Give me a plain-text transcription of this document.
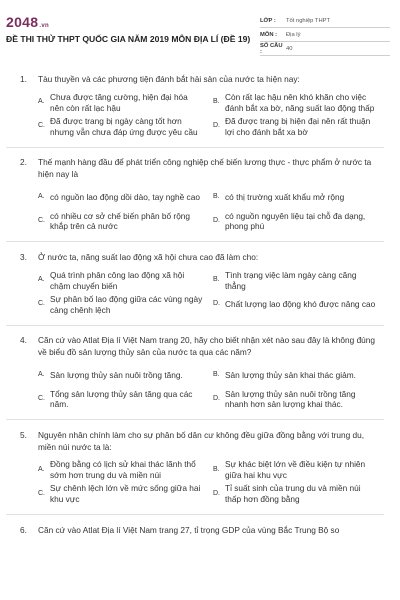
2048.vn
ĐỀ THI THỬ THPT QUỐC GIA NĂM 2019 MÔN ĐỊA LÍ (ĐỀ 19)
LỚP :	Tốt nghiệp THPT
MÔN :	Địa lý
SỐ CÂU :	40
1.	Tàu thuyền và các phương tiện đánh bắt hải sản của nước ta hiện nay:
A. Chưa được tăng cường, hiện đại hóa nên còn rất lạc hậu
B. Còn rất lạc hậu nên khó khăn cho việc đánh bắt xa bờ, năng suất lao động thấp
C. Đã được trang bị ngày càng tốt hơn nhưng vẫn chưa đáp ứng được yêu cầu
D. Đã được trang bị hiện đại nên rất thuận lợi cho đánh bắt xa bờ
2.	Thế mạnh hàng đầu để phát triển công nghiệp chế biến lương thực - thực phẩm ở nước ta hiện nay là
A. có nguồn lao động dồi dào, tay nghề cao	B. có thị trường xuất khẩu mở rộng
C. có nhiều cơ sở chế biến phân bố rộng khắp trên cả nước
D. có nguồn nguyên liệu tại chỗ đa dạng, phong phú
3.	Ở nước ta, năng suất lao động xã hội chưa cao đã làm cho:
A. Quá trình phân công lao động xã hội chậm chuyển biến
B. Tình trạng việc làm ngày càng căng thẳng
C. Sự phân bố lao động giữa các vùng ngày càng chênh lệch
D. Chất lượng lao động khó được nâng cao
4.	Căn cứ vào Atlat Địa lí Việt Nam trang 20, hãy cho biết nhận xét nào sau đây là không đúng về biểu đồ sản lượng thủy sản của nước ta qua các năm?
A. Sản lượng thủy sản nuôi trồng tăng.	B. Sản lượng thủy sản khai thác giảm.
C. Tổng sản lượng thủy sản tăng qua các năm.
D. Sản lượng thủy sản nuôi trồng tăng nhanh hơn sản lượng khai thác.
5.	Nguyên nhân chính làm cho sự phân bố dân cư không đều giữa đồng bằng với trung du, miền núi nước ta là:
A. Đồng bằng có lịch sử khai thác lãnh thổ sớm hơn trung du và miền núi
B. Sự khác biệt lớn về điều kiện tự nhiên giữa hai khu vực
C. Sự chênh lệch lớn về mức sống giữa hai khu vực
D. Tỉ suất sinh của trung du và miền núi thấp hơn đồng bằng
6.	Căn cứ vào Atlat Địa lí Việt Nam trang 27, tỉ trọng GDP của vùng Bắc Trung Bộ so
